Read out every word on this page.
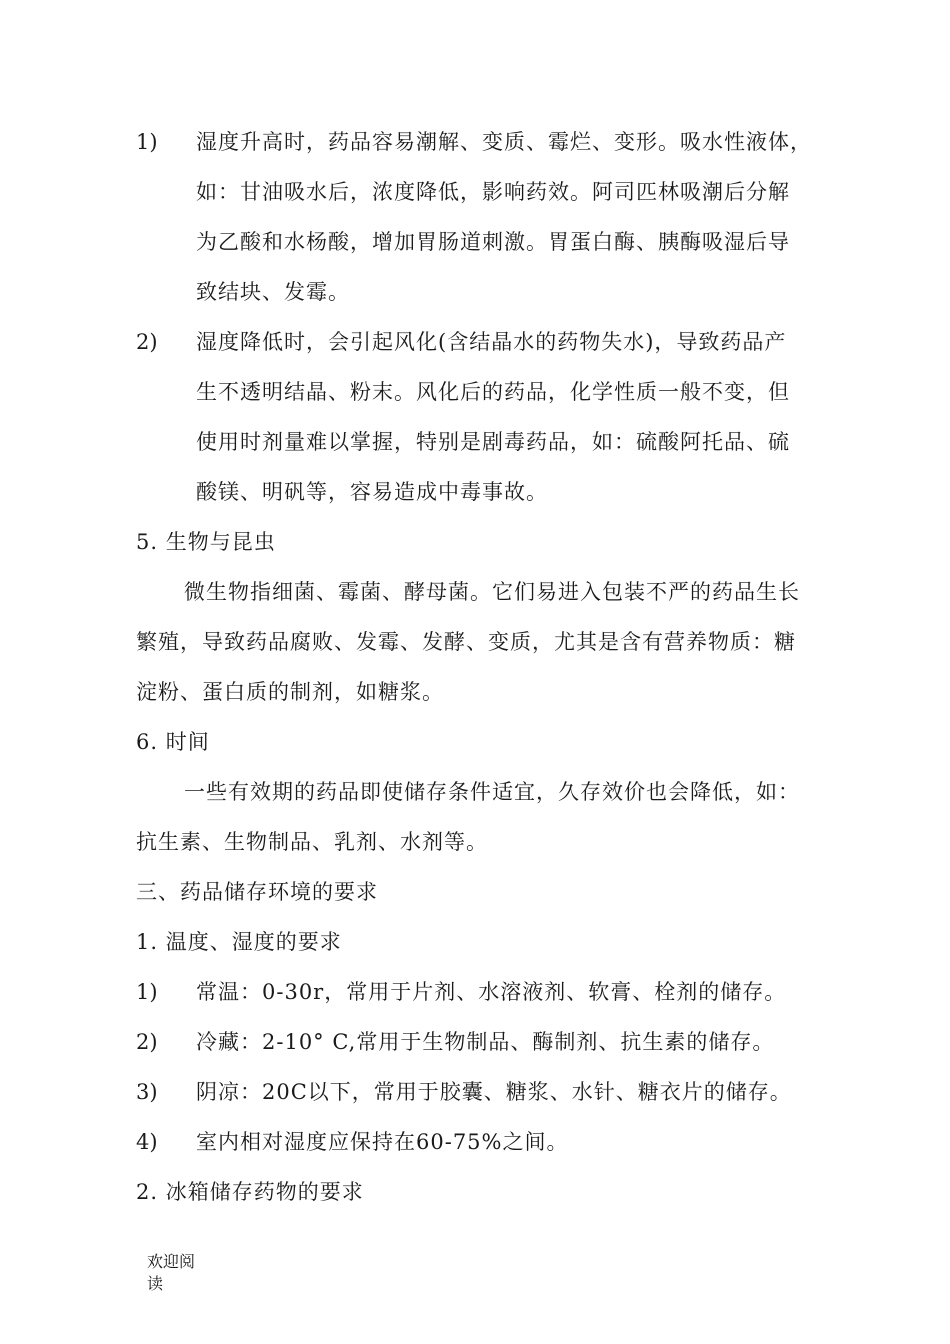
1) 湿度升高时，药品容易潮解、变质、霉烂、变形。吸水性液体，
如：甘油吸水后，浓度降低，影响药效。阿司匹林吸潮后分解
为乙酸和水杨酸，增加胃肠道刺激。胃蛋白酶、胰酶吸湿后导
致结块、发霉。
2) 湿度降低时，会引起风化(含结晶水的药物失水)，导致药品产
生不透明结晶、粉末。风化后的药品，化学性质一般不变，但
使用时剂量难以掌握，特别是剧毒药品，如：硫酸阿托品、硫
酸镁、明矾等，容易造成中毒事故。
5. 生物与昆虫
微生物指细菌、霉菌、酵母菌。它们易进入包装不严的药品生长
繁殖，导致药品腐败、发霉、发酵、变质，尤其是含有营养物质：糖
淀粉、蛋白质的制剂，如糖浆。
6. 时间
一些有效期的药品即使储存条件适宜，久存效价也会降低，如：
抗生素、生物制品、乳剂、水剂等。
三、药品储存环境的要求
1. 温度、湿度的要求
1) 常温：0-30r，常用于片剂、水溶液剂、软膏、栓剂的储存。
2) 冷藏：2-10° C,常用于生物制品、酶制剂、抗生素的储存。
3) 阴凉：20C以下，常用于胶囊、糖浆、水针、糖衣片的储存。
4) 室内相对湿度应保持在60-75%之间。
2. 冰箱储存药物的要求
欢迎阅
读
